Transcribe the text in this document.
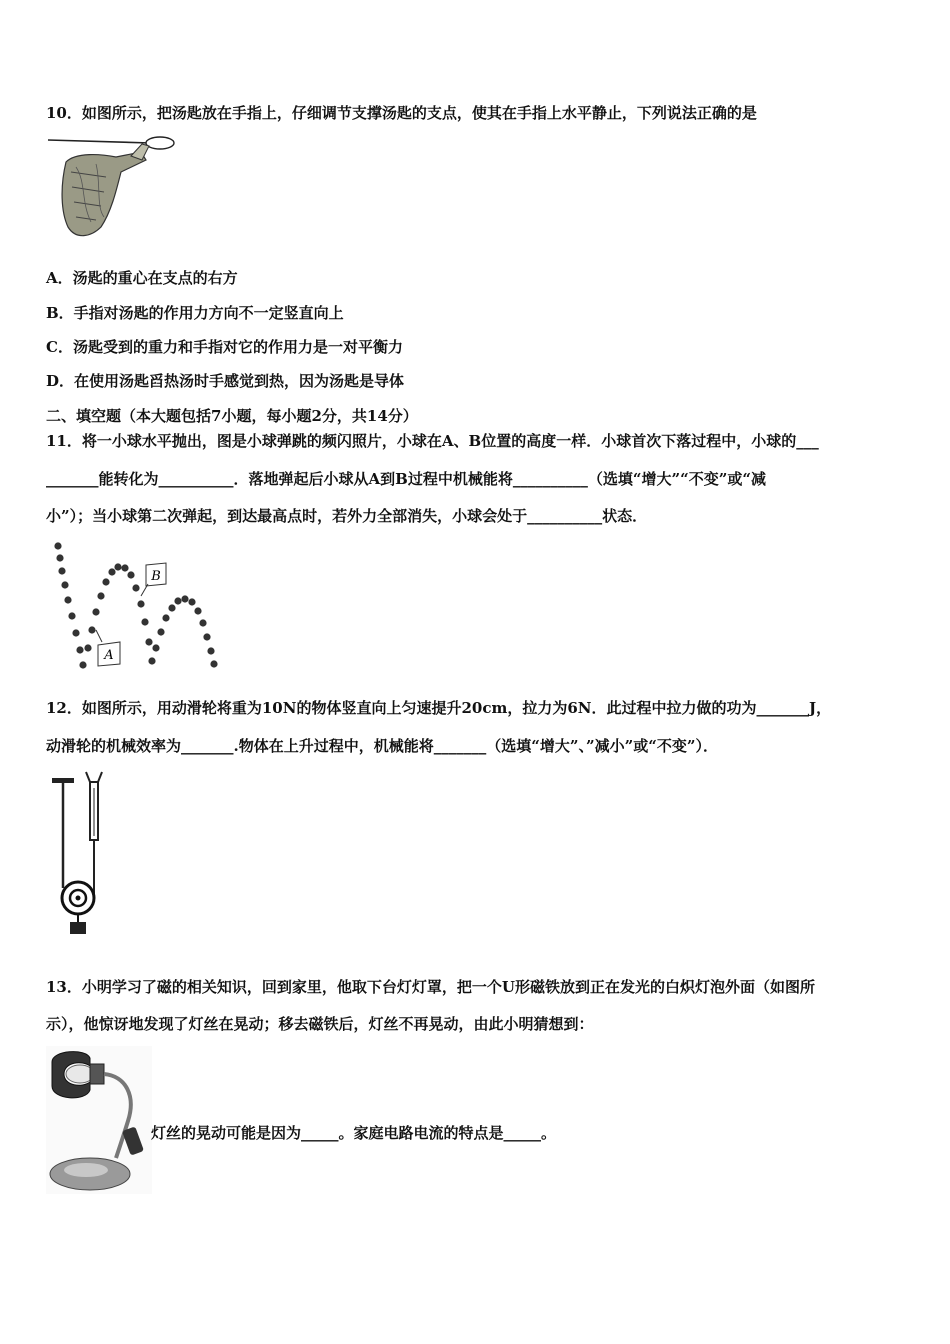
10．如图所示，把汤匙放在手指上，仔细调节支撑汤匙的支点，使其在手指上水平静止，下列说法正确的是
A．汤匙的重心在支点的右方
B．手指对汤匙的作用力方向不一定竖直向上
C．汤匙受到的重力和手指对它的作用力是一对平衡力
D．在使用汤匙舀热汤时手感觉到热，因为汤匙是导体
二、填空题（本大题包括7小题，每小题2分，共14分）
11．将一小球水平抛出，图是小球弹跳的频闪照片，小球在A、B位置的高度一样．小球首次下落过程中，小球的___
_______能转化为__________．落地弹起后小球从A到B过程中机械能将__________（选填“增大”“不变”或“减
小”）；当小球第二次弹起，到达最高点时，若外力全部消失，小球会处于__________状态．
A
B
12．如图所示，用动滑轮将重为10N的物体竖直向上匀速提升20cm，拉力为6N．此过程中拉力做的功为_______J，
动滑轮的机械效率为_______.物体在上升过程中，机械能将_______（选填“增大”、”减小”或“不变”）．
13．小明学习了磁的相关知识，回到家里，他取下台灯灯罩，把一个U形磁铁放到正在发光的白炽灯泡外面（如图所
示），他惊讶地发现了灯丝在晃动；移去磁铁后，灯丝不再晃动，由此小明猜想到：
灯丝的晃动可能是因为_____。家庭电路电流的特点是_____。
